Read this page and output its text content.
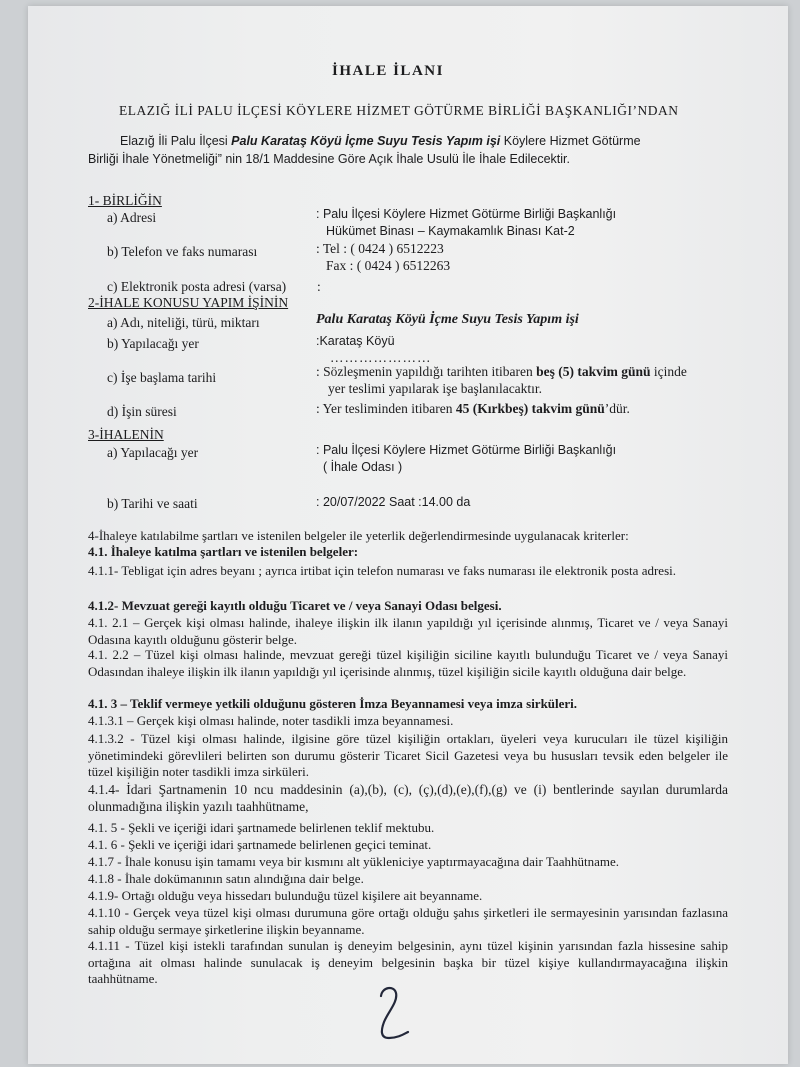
İHALE İLANI
ELAZIĞ İLİ PALU İLÇESİ KÖYLERE HİZMET GÖTÜRME BİRLİĞİ BAŞKANLIĞI’NDAN
Elazığ İli Palu İlçesi Palu Karataş Köyü İçme Suyu Tesis Yapım işi Köylere Hizmet Götürme
Birliği İhale Yönetmeliği” nin 18/1 Maddesine Göre Açık İhale Usulü İle İhale Edilecektir.
1- BİRLİĞİN
a) Adresi	: Palu İlçesi Köylere Hizmet Götürme Birliği Başkanlığı
Hükümet Binası – Kaymakamlık Binası Kat-2
b) Telefon ve faks numarası	: Tel : ( 0424 ) 6512223
Fax : ( 0424 ) 6512263
c) Elektronik posta adresi (varsa) :
2-İHALE KONUSU YAPIM İŞİNİN
a) Adı, niteliği, türü, miktarı	Palu Karataş Köyü İçme Suyu Tesis Yapım işi
b) Yapılacağı yer	:Karataş Köyü
…………………
c) İşe başlama tarihi	: Sözleşmenin yapıldığı tarihten itibaren beş (5) takvim günü içinde
yer teslimi yapılarak işe başlanılacaktır.
d) İşin süresi	: Yer tesliminden itibaren 45 (Kırkbeş) takvim günü’dür.
3-İHALENİN
a) Yapılacağı yer	: Palu İlçesi Köylere Hizmet Götürme Birliği Başkanlığı
( İhale Odası )
b) Tarihi ve saati	: 20/07/2022 Saat :14.00 da
4-İhaleye katılabilme şartları ve istenilen belgeler ile yeterlik değerlendirmesinde uygulanacak kriterler:
4.1. İhaleye katılma şartları ve istenilen belgeler:
4.1.1- Tebligat için adres beyanı ; ayrıca irtibat için telefon numarası ve faks numarası ile elektronik posta adresi.
4.1.2- Mevzuat gereği kayıtlı olduğu Ticaret ve / veya Sanayi Odası belgesi.
4.1. 2.1 – Gerçek kişi olması halinde, ihaleye ilişkin ilk ilanın yapıldığı yıl içerisinde alınmış, Ticaret ve / veya Sanayi Odasına kayıtlı olduğunu gösterir belge.
4.1. 2.2 – Tüzel kişi olması halinde, mevzuat gereği tüzel kişiliğin siciline kayıtlı bulunduğu Ticaret ve / veya Sanayi Odasından ihaleye ilişkin ilk ilanın yapıldığı yıl içerisinde alınmış, tüzel kişiliğin sicile kayıtlı olduğuna dair belge.
4.1. 3 – Teklif vermeye yetkili olduğunu gösteren İmza Beyannamesi veya imza sirküleri.
4.1.3.1 – Gerçek kişi olması halinde, noter tasdikli imza beyannamesi.
4.1.3.2 - Tüzel kişi olması halinde, ilgisine göre tüzel kişiliğin ortakları, üyeleri veya kurucuları ile tüzel kişiliğin yönetimindeki görevlileri belirten son durumu gösterir Ticaret Sicil Gazetesi veya bu hususları tevsik eden belgeler ile tüzel kişiliğin noter tasdikli imza sirküleri.
4.1.4- İdari Şartnamenin 10 ncu maddesinin (a),(b), (c), (ç),(d),(e),(f),(g) ve (i) bentlerinde sayılan durumlarda olunmadığına ilişkin yazılı taahhütname,
4.1. 5 - Şekli ve içeriği idari şartnamede belirlenen teklif mektubu.
4.1. 6 - Şekli ve içeriği idari şartnamede belirlenen geçici teminat.
4.1.7 - İhale konusu işin tamamı veya bir kısmını alt yükleniciye yaptırmayacağına dair Taahhütname.
4.1.8 - İhale dokümanının satın alındığına dair belge.
4.1.9- Ortağı olduğu veya hissedarı bulunduğu tüzel kişilere ait beyanname.
4.1.10 - Gerçek veya tüzel kişi olması durumuna göre ortağı olduğu şahıs şirketleri ile sermayesinin yarısından fazlasına sahip olduğu sermaye şirketlerine ilişkin beyanname.
4.1.11 - Tüzel kişi istekli tarafından sunulan iş deneyim belgesinin, aynı tüzel kişinin yarısından fazla hissesine sahip ortağına ait olması halinde sunulacak iş deneyim belgesinin başka bir tüzel kişiye kullandırmayacağına ilişkin taahhütname.
